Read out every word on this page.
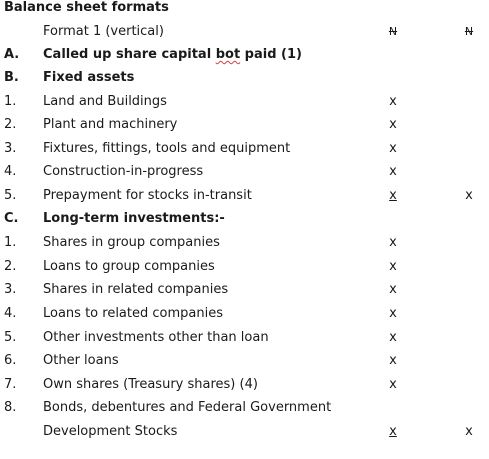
Balance sheet formats
Format 1 (vertical)	N	N
A. Called up share capital bot paid (1)
B. Fixed assets
1. Land and Buildings	x
2. Plant and machinery	x
3. Fixtures, fittings, tools and equipment	x
4. Construction-in-progress	x
5. Prepayment for stocks in-transit	x	x
C. Long-term investments:-
1. Shares in group companies	x
2. Loans to group companies	x
3. Shares in related companies	x
4. Loans to related companies	x
5. Other investments other than loan	x
6. Other loans	x
7. Own shares (Treasury shares) (4)	x
8. Bonds, debentures and Federal Government
Development Stocks	x	x
